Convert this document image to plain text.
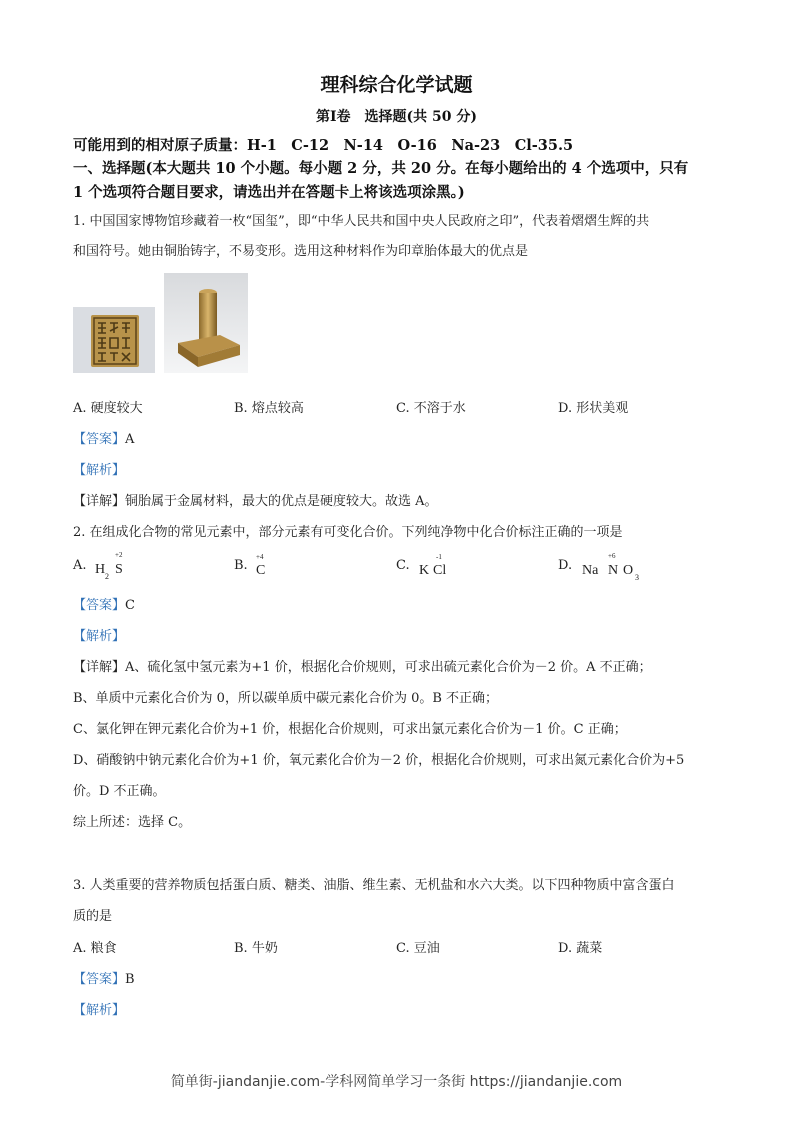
理科综合化学试题
第Ⅰ卷　选择题(共 50 分)
可能用到的相对原子质量：H-1　C-12　N-14　O-16　Na-23　Cl-35.5
一、选择题(本大题共 10 个小题。每小题 2 分，共 20 分。在每小题给出的 4 个选项中，只有
1 个选项符合题目要求，请选出并在答题卡上将该选项涂黑。)
1. 中国国家博物馆珍藏着一枚“国玺”，即“中华人民共和国中央人民政府之印”，代表着熠熠生辉的共
和国符号。她由铜胎铸字，不易变形。选用这种材料作为印章胎体最大的优点是
A. 硬度较大	B. 熔点较高	C. 不溶于水	D. 形状美观
【答案】A
【解析】
【详解】铜胎属于金属材料，最大的优点是硬度较大。故选 A。
2. 在组成化合物的常见元素中，部分元素有可变化合价。下列纯净物中化合价标注正确的一项是
A. H 2 S
+2
B. C
+4
C. K Cl
-1
D. Na N
+6
O 3
【答案】C
【解析】
【详解】A、硫化氢中氢元素为+1 价，根据化合价规则，可求出硫元素化合价为－2 价。A 不正确；
B、单质中元素化合价为 0，所以碳单质中碳元素化合价为 0。B 不正确；
C、氯化钾在钾元素化合价为+1 价，根据化合价规则，可求出氯元素化合价为－1 价。C 正确；
D、硝酸钠中钠元素化合价为+1 价，氧元素化合价为－2 价，根据化合价规则，可求出氮元素化合价为+5
价。D 不正确。
综上所述：选择 C。
3. 人类重要的营养物质包括蛋白质、糖类、油脂、维生素、无机盐和水六大类。以下四种物质中富含蛋白
质的是
A. 粮食	B. 牛奶	C. 豆油	D. 蔬菜
【答案】B
【解析】
简单街-jiandanjie.com-学科网简单学习一条街 https://jiandanjie.com
